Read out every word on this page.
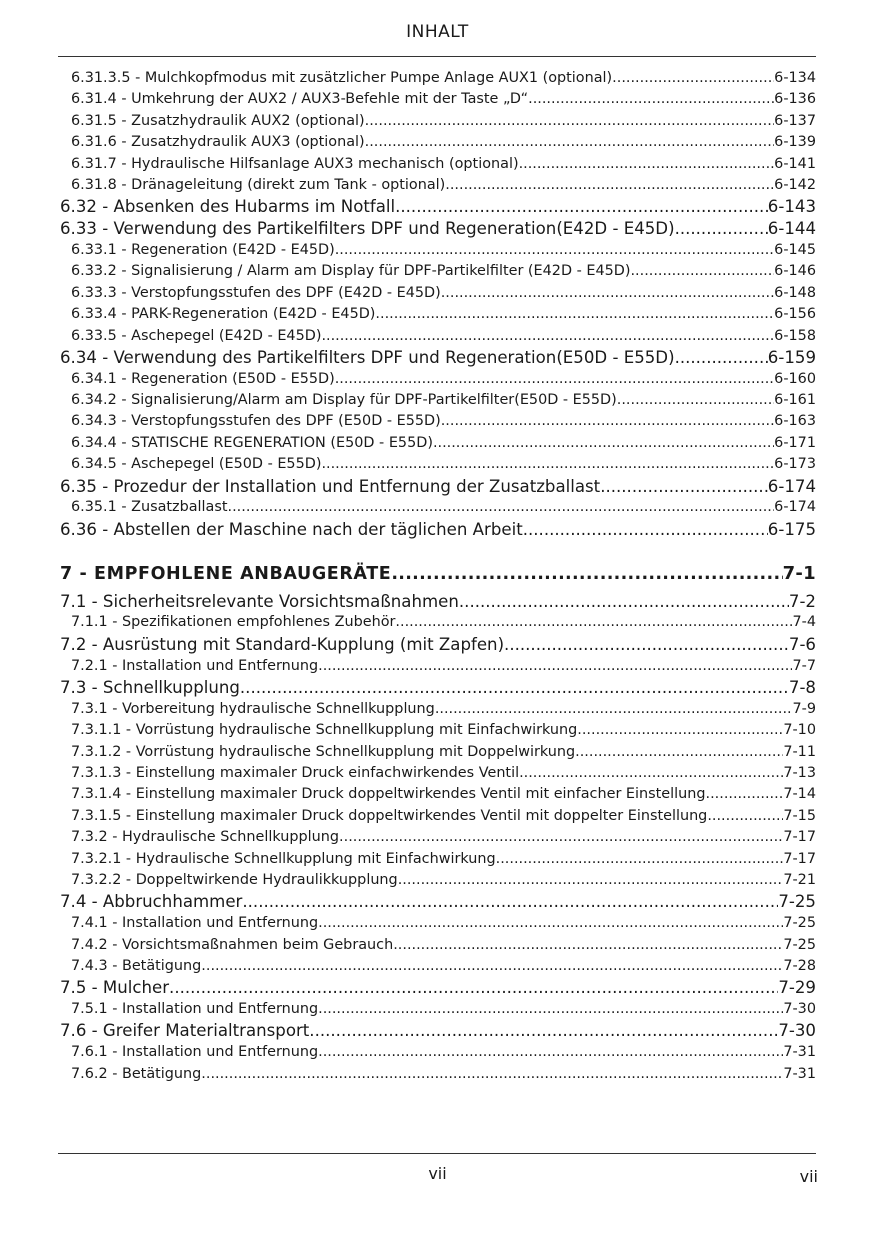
INHALT
6.31.3.5 - Mulchkopfmodus mit zusätzlicher Pumpe Anlage AUX1 (optional) .....	6-134
6.31.4 - Umkehrung der AUX2 / AUX3-Befehle mit der Taste „D“ .....	6-136
6.31.5 - Zusatzhydraulik AUX2 (optional) .....	6-137
6.31.6 - Zusatzhydraulik AUX3 (optional) .....	6-139
6.31.7 - Hydraulische Hilfsanlage AUX3 mechanisch (optional) .....	6-141
6.31.8 - Dränageleitung (direkt zum Tank - optional) .....	6-142
6.32 - Absenken des Hubarms im Notfall .....	6-143
6.33 - Verwendung des Partikelfilters DPF und Regeneration(E42D - E45D) .....	6-144
6.33.1 - Regeneration (E42D - E45D) .....	6-145
6.33.2 - Signalisierung / Alarm am Display für DPF-Partikelfilter (E42D - E45D) .....	6-146
6.33.3 - Verstopfungsstufen des DPF (E42D - E45D) .....	6-148
6.33.4 - PARK-Regeneration (E42D - E45D) .....	6-156
6.33.5 - Aschepegel (E42D - E45D) .....	6-158
6.34 - Verwendung des Partikelfilters DPF und Regeneration(E50D - E55D) .....	6-159
6.34.1 - Regeneration (E50D - E55D) .....	6-160
6.34.2 - Signalisierung/Alarm am Display für DPF-Partikelfilter(E50D - E55D) .....	6-161
6.34.3 - Verstopfungsstufen des DPF (E50D - E55D) .....	6-163
6.34.4 - STATISCHE REGENERATION (E50D - E55D) .....	6-171
6.34.5 - Aschepegel (E50D - E55D) .....	6-173
6.35 - Prozedur der Installation und Entfernung der Zusatzballast .....	6-174
6.35.1 - Zusatzballast .....	6-174
6.36 - Abstellen der Maschine nach der täglichen Arbeit .....	6-175
7 - EMPFOHLENE ANBAUGERÄTE .....	7-1
7.1 - Sicherheitsrelevante Vorsichtsmaßnahmen .....	7-2
7.1.1 - Spezifikationen empfohlenes Zubehör .....	7-4
7.2 - Ausrüstung mit Standard-Kupplung (mit Zapfen) .....	7-6
7.2.1 - Installation und Entfernung .....	7-7
7.3 - Schnellkupplung .....	7-8
7.3.1 - Vorbereitung hydraulische Schnellkupplung .....	7-9
7.3.1.1 - Vorrüstung hydraulische Schnellkupplung mit Einfachwirkung .....	7-10
7.3.1.2 - Vorrüstung hydraulische Schnellkupplung mit Doppelwirkung .....	7-11
7.3.1.3 - Einstellung maximaler Druck einfachwirkendes Ventil .....	7-13
7.3.1.4 - Einstellung maximaler Druck doppeltwirkendes Ventil mit einfacher Einstellung .....	7-14
7.3.1.5 - Einstellung maximaler Druck doppeltwirkendes Ventil mit doppelter Einstellung .....	7-15
7.3.2 - Hydraulische Schnellkupplung .....	7-17
7.3.2.1 - Hydraulische Schnellkupplung mit Einfachwirkung .....	7-17
7.3.2.2 - Doppeltwirkende Hydraulikkupplung .....	7-21
7.4 - Abbruchhammer .....	7-25
7.4.1 - Installation und Entfernung .....	7-25
7.4.2 - Vorsichtsmaßnahmen beim Gebrauch .....	7-25
7.4.3 - Betätigung .....	7-28
7.5 - Mulcher .....	7-29
7.5.1 - Installation und Entfernung .....	7-30
7.6 - Greifer Materialtransport .....	7-30
7.6.1 - Installation und Entfernung .....	7-31
7.6.2 - Betätigung .....	7-31
vii	vii
